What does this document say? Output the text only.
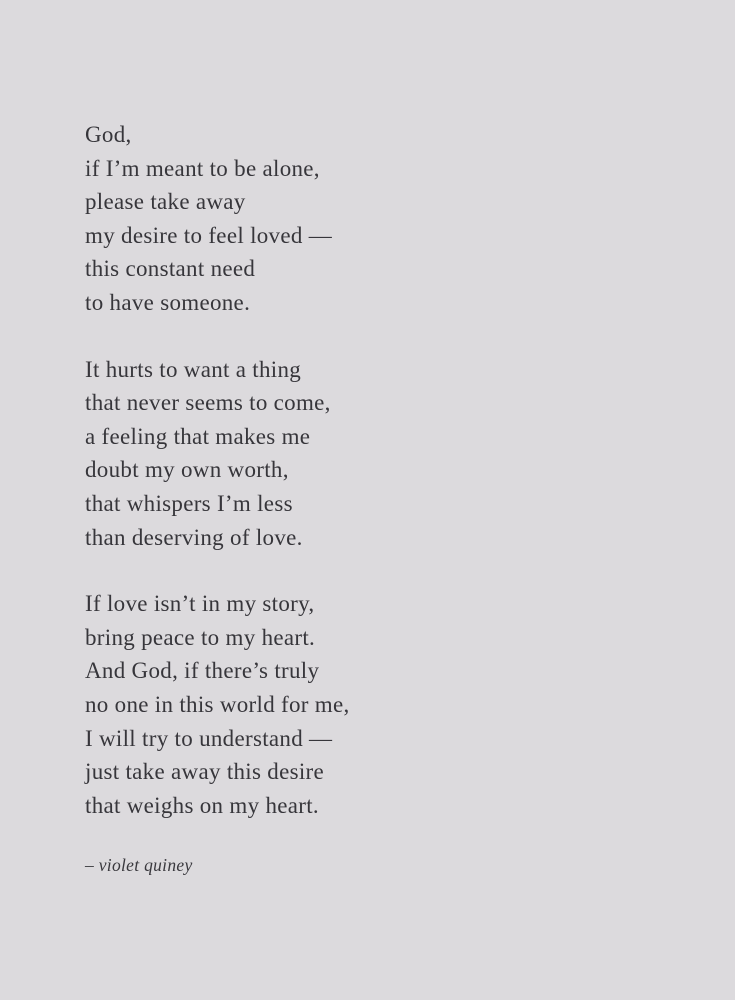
God,
if I’m meant to be alone,
please take away
my desire to feel loved —
this constant need
to have someone.
It hurts to want a thing
that never seems to come,
a feeling that makes me
doubt my own worth,
that whispers I’m less
than deserving of love.
If love isn’t in my story,
bring peace to my heart.
And God, if there’s truly
no one in this world for me,
I will try to understand —
just take away this desire
that weighs on my heart.
– violet quiney
